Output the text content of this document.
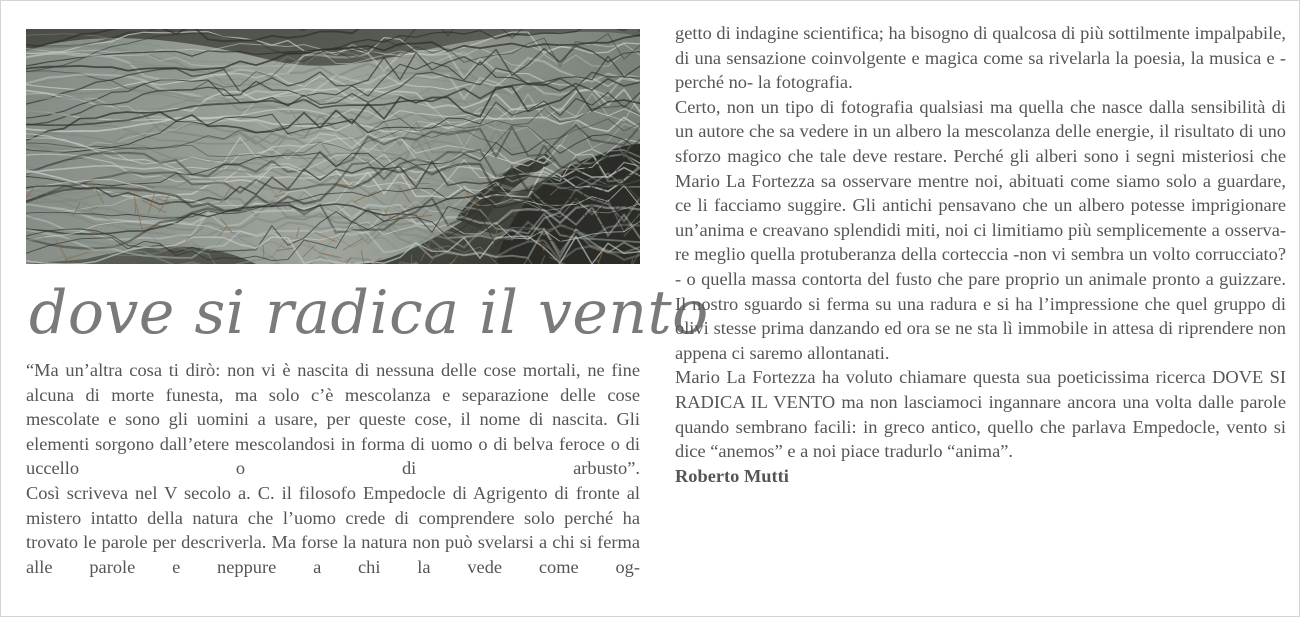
dove si radica il vento

“Ma un’altra cosa ti dirò: non vi è nascita di nessuna delle cose mortali, ne fine alcuna di morte funesta, ma solo c’è mescolanza e separazione delle cose mescolate e sono gli uomini a usare, per queste cose, il nome di nascita. Gli elementi sorgono dall’etere mescolandosi in forma di uomo o di belva feroce o di uccello o di arbusto”.

Così scriveva nel V secolo a. C. il filosofo Empedocle di Agrigento di fronte al mistero intatto della natura che l’uomo crede di comprendere solo perché ha trovato le parole per descriverla. Ma forse la natura non può svelarsi a chi si ferma alle parole e neppure a chi la vede come og-

getto di indagine scientifica; ha bisogno di qualcosa di più sottilmente impalpabile, di una sensazione coinvolgente e magica come sa rivelarla la poesia, la musica e -perché no- la fotografia.

Certo, non un tipo di fotografia qualsiasi ma quella che nasce dalla sensibilità di un autore che sa vedere in un albero la mescolanza delle energie, il risultato di uno sforzo magico che tale deve restare. Perché gli alberi sono i segni misteriosi che Mario La Fortezza sa osservare mentre noi, abituati come siamo solo a guardare, ce li facciamo suggire. Gli antichi pensavano che un albero potesse imprigionare un’anima e creavano splendidi miti, noi ci limitiamo più semplicemente a osserva-re meglio quella protuberanza della corteccia -non vi sembra un volto corrucciato?- o quella massa contorta del fusto che pare proprio un animale pronto a guizzare. Il nostro sguardo si ferma su una radura e si ha l’impressione che quel gruppo di olivi stesse prima danzando ed ora se ne sta lì immobile in attesa di riprendere non appena ci saremo allontanati.

Mario La Fortezza ha voluto chiamare questa sua poeticissima ricerca DOVE SI RADICA IL VENTO ma non lasciamoci ingannare ancora una volta dalle parole quando sembrano facili: in greco antico, quello che parlava Empedocle, vento si dice “anemos” e a noi piace tradurlo “anima”.

Roberto Mutti
